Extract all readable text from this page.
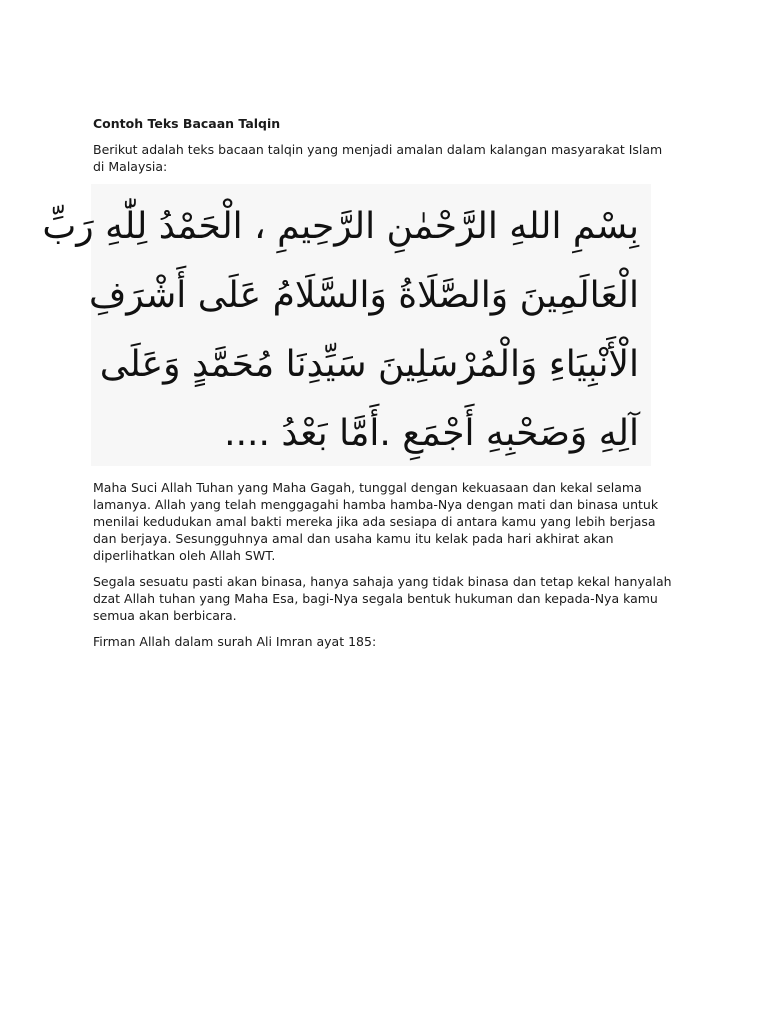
Contoh Teks Bacaan Talqin
Berikut adalah teks bacaan talqin yang menjadi amalan dalam kalangan masyarakat Islam di Malaysia:
بِسْمِ اللهِ الرَّحْمٰنِ الرَّحِيمِ ، الْحَمْدُ لِلّٰهِ رَبِّ
الْعَالَمِينَ وَالصَّلَاةُ وَالسَّلَامُ عَلَى أَشْرَفِ
الْأَنْبِيَاءِ وَالْمُرْسَلِينَ سَيِّدِنَا مُحَمَّدٍ وَعَلَى
آلِهِ وَصَحْبِهِ أَجْمَعِ .أَمَّا بَعْدُ ....
Maha Suci Allah Tuhan yang Maha Gagah, tunggal dengan kekuasaan dan kekal selama lamanya. Allah yang telah menggagahi hamba hamba-Nya dengan mati dan binasa untuk menilai kedudukan amal bakti mereka jika ada sesiapa di antara kamu yang lebih berjasa dan berjaya. Sesungguhnya amal dan usaha kamu itu kelak pada hari akhirat akan diperlihatkan oleh Allah SWT.
Segala sesuatu pasti akan binasa, hanya sahaja yang tidak binasa dan tetap kekal hanyalah dzat Allah tuhan yang Maha Esa, bagi-Nya segala bentuk hukuman dan kepada-Nya kamu semua akan berbicara.
Firman Allah dalam surah Ali Imran ayat 185:
